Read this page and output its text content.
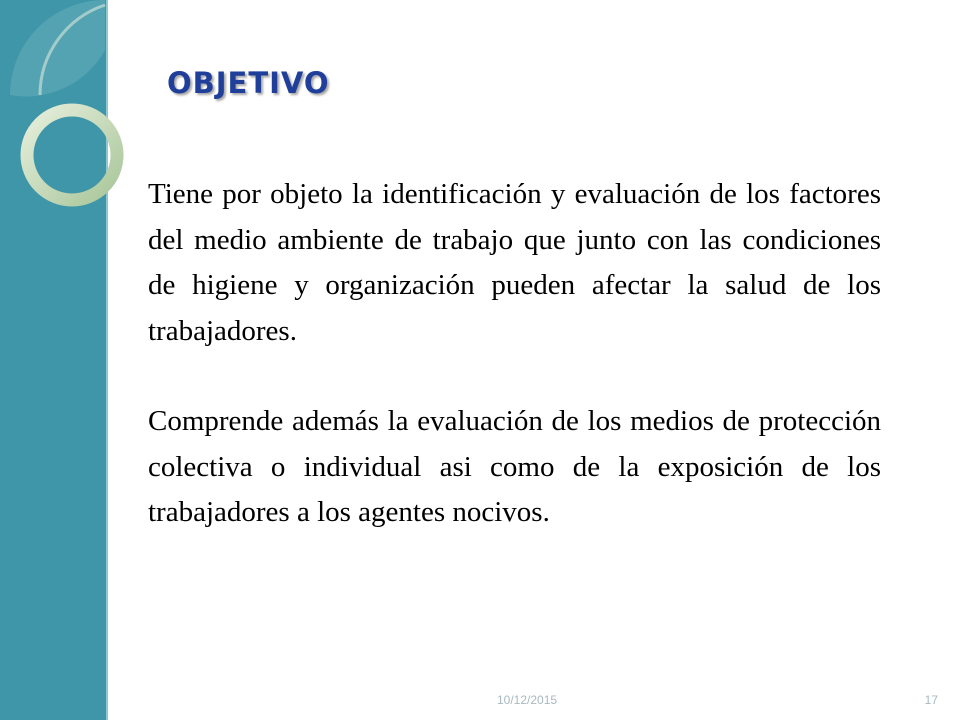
OBJETIVO

Tiene por objeto la identificación y evaluación de los factores del medio ambiente de trabajo que junto con las condiciones de higiene y organización pueden afectar la salud de los trabajadores.

Comprende además la evaluación de los medios de protección colectiva o individual asi como de la exposición de los trabajadores a los agentes nocivos.

10/12/2015	17
